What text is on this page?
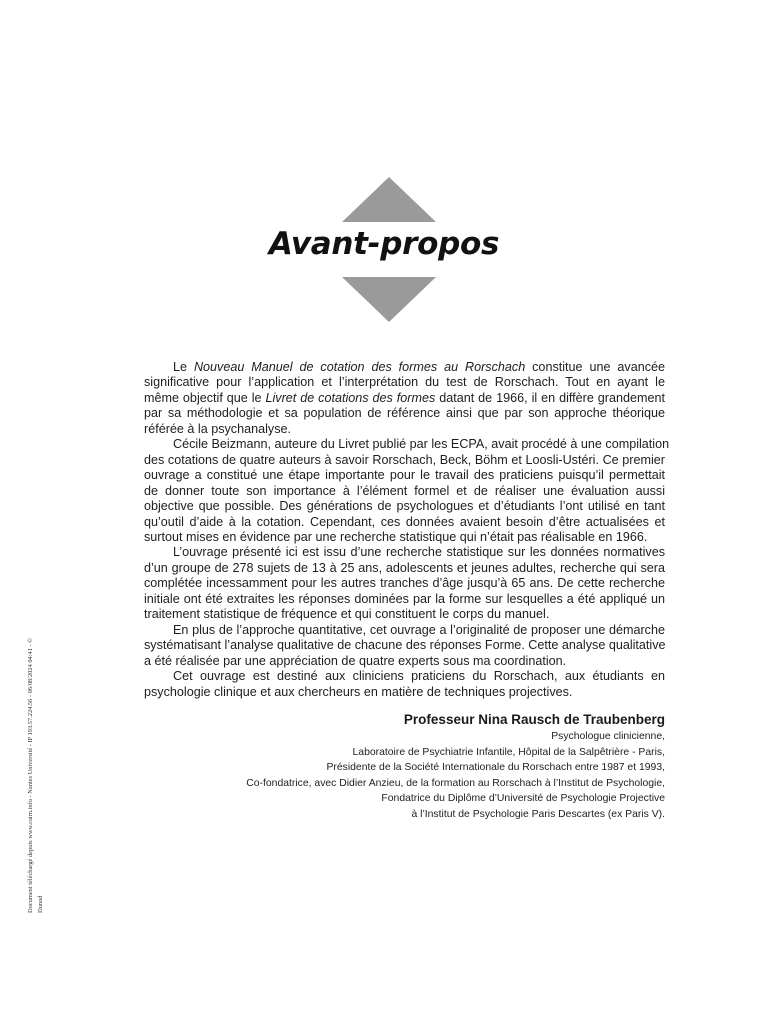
Avant-propos
Le Nouveau Manuel de cotation des formes au Rorschach constitue une avancée
significative pour l’application et l’interprétation du test de Rorschach. Tout en ayant le
même objectif que le Livret de cotations des formes datant de 1966, il en diffère grandement
par sa méthodologie et sa population de référence ainsi que par son approche théorique
référée à la psychanalyse.
Cécile Beizmann, auteure du Livret publié par les ECPA, avait procédé à une compilation
des cotations de quatre auteurs à savoir Rorschach, Beck, Böhm et Loosli-Ustéri. Ce premier
ouvrage a constitué une étape importante pour le travail des praticiens puisqu’il permettait
de donner toute son importance à l’élément formel et de réaliser une évaluation aussi
objective que possible. Des générations de psychologues et d’étudiants l’ont utilisé en tant
qu’outil d’aide à la cotation. Cependant, ces données avaient besoin d’être actualisées et
surtout mises en évidence par une recherche statistique qui n’était pas réalisable en 1966.
L’ouvrage présenté ici est issu d’une recherche statistique sur les données normatives
d’un groupe de 278 sujets de 13 à 25 ans, adolescents et jeunes adultes, recherche qui sera
complétée incessamment pour les autres tranches d’âge jusqu’à 65 ans. De cette recherche
initiale ont été extraites les réponses dominées par la forme sur lesquelles a été appliqué un
traitement statistique de fréquence et qui constituent le corps du manuel.
En plus de l’approche quantitative, cet ouvrage a l’originalité de proposer une démarche
systématisant l’analyse qualitative de chacune des réponses Forme. Cette analyse qualitative
a été réalisée par une appréciation de quatre experts sous ma coordination.
Cet ouvrage est destiné aux cliniciens praticiens du Rorschach, aux étudiants en
psychologie clinique et aux chercheurs en matière de techniques projectives.
Professeur Nina Rausch de Traubenberg
Psychologue clinicienne,
Laboratoire de Psychiatrie Infantile, Hôpital de la Salpêtrière - Paris,
Présidente de la Société Internationale du Rorschach entre 1987 et 1993,
Co-fondatrice, avec Didier Anzieu, de la formation au Rorschach à l’Institut de Psychologie,
Fondatrice du Diplôme d’Université de Psychologie Projective
à l’Institut de Psychologie Paris Descartes (ex Paris V).
Document téléchargé depuis www.cairn.info - Nantes Université - IP 193.57.224.56 - 06/08/2024 04:41 - © Dunod
